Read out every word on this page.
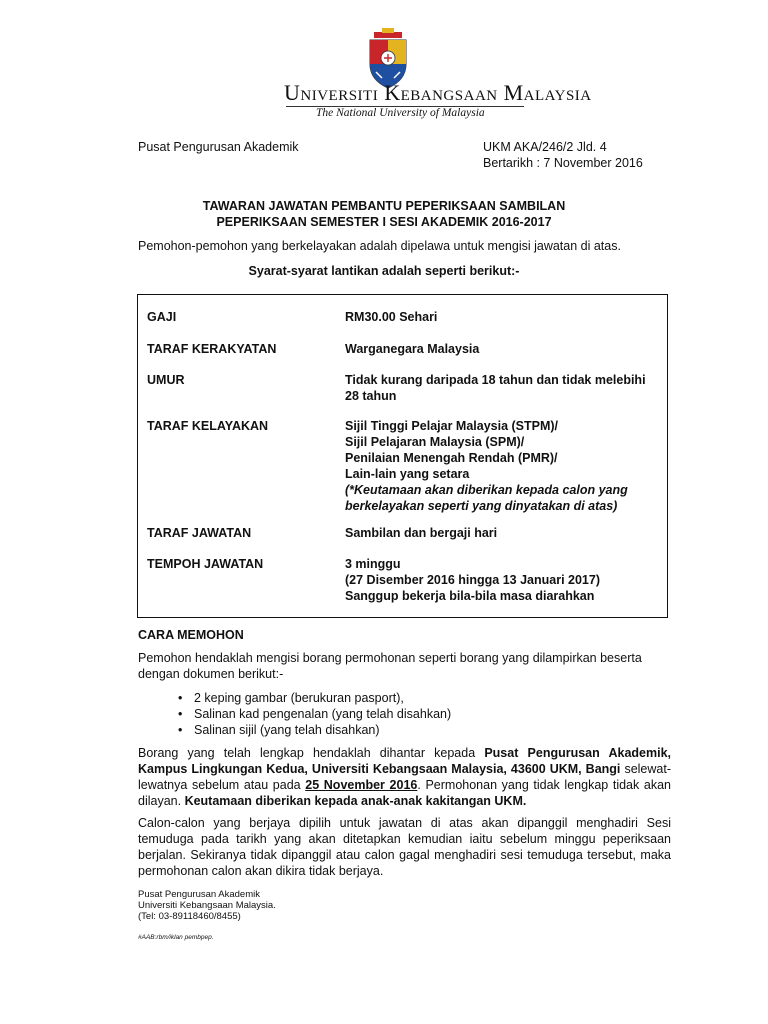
Universiti Kebangsaan Malaysia
The National University of Malaysia
Pusat Pengurusan Akademik	UKM AKA/246/2 Jld. 4
Bertarikh : 7 November 2016
TAWARAN JAWATAN PEMBANTU PEPERIKSAAN SAMBILAN
PEPERIKSAAN SEMESTER I SESI AKADEMIK 2016-2017
Pemohon-pemohon yang berkelayakan adalah dipelawa untuk mengisi jawatan di atas.
Syarat-syarat lantikan adalah seperti berikut:-
GAJI	RM30.00 Sehari
TARAF KERAKYATAN	Warganegara Malaysia
UMUR	Tidak kurang daripada 18 tahun dan tidak melebihi
28 tahun
TARAF KELAYAKAN	Sijil Tinggi Pelajar Malaysia (STPM)/
Sijil Pelajaran Malaysia (SPM)/
Penilaian Menengah Rendah (PMR)/
Lain-lain yang setara
(*Keutamaan akan diberikan kepada calon yang
berkelayakan seperti yang dinyatakan di atas)
TARAF JAWATAN	Sambilan dan bergaji hari
TEMPOH JAWATAN	3 minggu
(27 Disember 2016 hingga 13 Januari 2017)
Sanggup bekerja bila-bila masa diarahkan
CARA MEMOHON
Pemohon hendaklah mengisi borang permohonan seperti borang yang dilampirkan beserta
dengan dokumen berikut:-
• 2 keping gambar (berukuran pasport),
• Salinan kad pengenalan (yang telah disahkan)
• Salinan sijil (yang telah disahkan)
Borang yang telah lengkap hendaklah dihantar kepada Pusat Pengurusan Akademik, Kampus Lingkungan Kedua, Universiti Kebangsaan Malaysia, 43600 UKM, Bangi selewat-lewatnya sebelum atau pada 25 November 2016. Permohonan yang tidak lengkap tidak akan dilayan. Keutamaan diberikan kepada anak-anak kakitangan UKM.
Calon-calon yang berjaya dipilih untuk jawatan di atas akan dipanggil menghadiri Sesi temuduga pada tarikh yang akan ditetapkan kemudian iaitu sebelum minggu peperiksaan berjalan. Sekiranya tidak dipanggil atau calon gagal menghadiri sesi temuduga tersebut, maka permohonan calon akan dikira tidak berjaya.
Pusat Pengurusan Akademik
Universiti Kebangsaan Malaysia.
(Tel: 03-89118460/8455)
#AAB:rbm/iklan pembpep.
